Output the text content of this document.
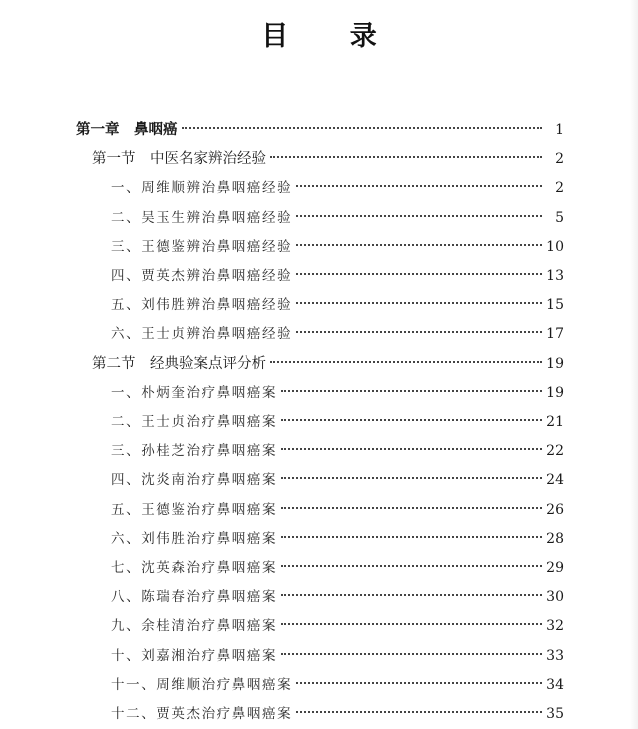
目 录
第一章　鼻咽癌	1
第一节　中医名家辨治经验	2
一、周维顺辨治鼻咽癌经验	2
二、吴玉生辨治鼻咽癌经验	5
三、王德鉴辨治鼻咽癌经验	10
四、贾英杰辨治鼻咽癌经验	13
五、刘伟胜辨治鼻咽癌经验	15
六、王士贞辨治鼻咽癌经验	17
第二节　经典验案点评分析	19
一、朴炳奎治疗鼻咽癌案	19
二、王士贞治疗鼻咽癌案	21
三、孙桂芝治疗鼻咽癌案	22
四、沈炎南治疗鼻咽癌案	24
五、王德鉴治疗鼻咽癌案	26
六、刘伟胜治疗鼻咽癌案	28
七、沈英森治疗鼻咽癌案	29
八、陈瑞春治疗鼻咽癌案	30
九、余桂清治疗鼻咽癌案	32
十、刘嘉湘治疗鼻咽癌案	33
十一、周维顺治疗鼻咽癌案	34
十二、贾英杰治疗鼻咽癌案	35
